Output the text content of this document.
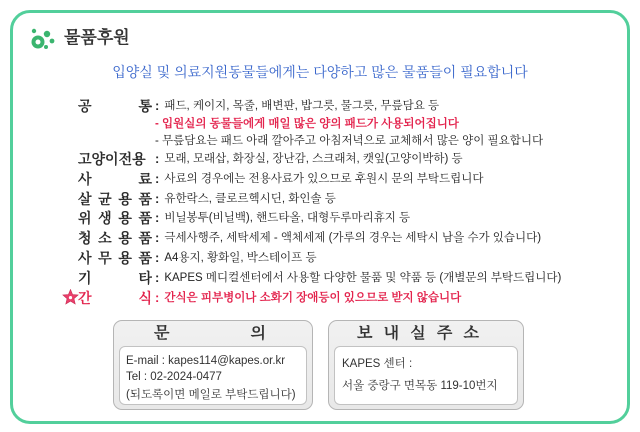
물품후원
입양실 및 의료지원동물들에게는 다양하고 많은 물품들이 필요합니다
공 통 : 패드, 케이지, 목줄, 배변판, 밥그릇, 물그릇, 무릎담요 등
- 입원실의 동물들에게 매일 많은 양의 패드가 사용되어집니다
- 무릎담요는 패드 아래 깔아주고 아침저녁으로 교체해서 많은 양이 필요합니다
고양이전용 : 모래, 모래삽, 화장실, 장난감, 스크래쳐, 캣잎(고양이박하) 등
사 료 : 사료의 경우에는 전용사료가 있으므로 후원시 문의 부탁드립니다
살 균 용 품 : 유한락스, 클로르헥시딘, 화인솔 등
위 생 용 품 : 비닐봉투(비닐백), 핸드타올, 대형두루마리휴지 등
청 소 용 품 : 극세사행주, 세탁세제 - 액체세제 (가루의 경우는 세탁시 남을 수가 있습니다)
사 무 용 품 : A4용지, 황화일, 박스테이프 등
기 타 : KAPES 메디컬센터에서 사용할 다양한 물품 및 약품 등 (개별문의 부탁드립니다)
간 식 : 간식은 피부병이나 소화기 장애등이 있으므로 받지 않습니다
문 의
E-mail : kapes114@kapes.or.kr
Tel : 02-2024-0477
(되도록이면 메일로 부탁드립니다)
보 내 실 주 소
KAPES 센터 :
서울 중랑구 면목동 119-10번지
